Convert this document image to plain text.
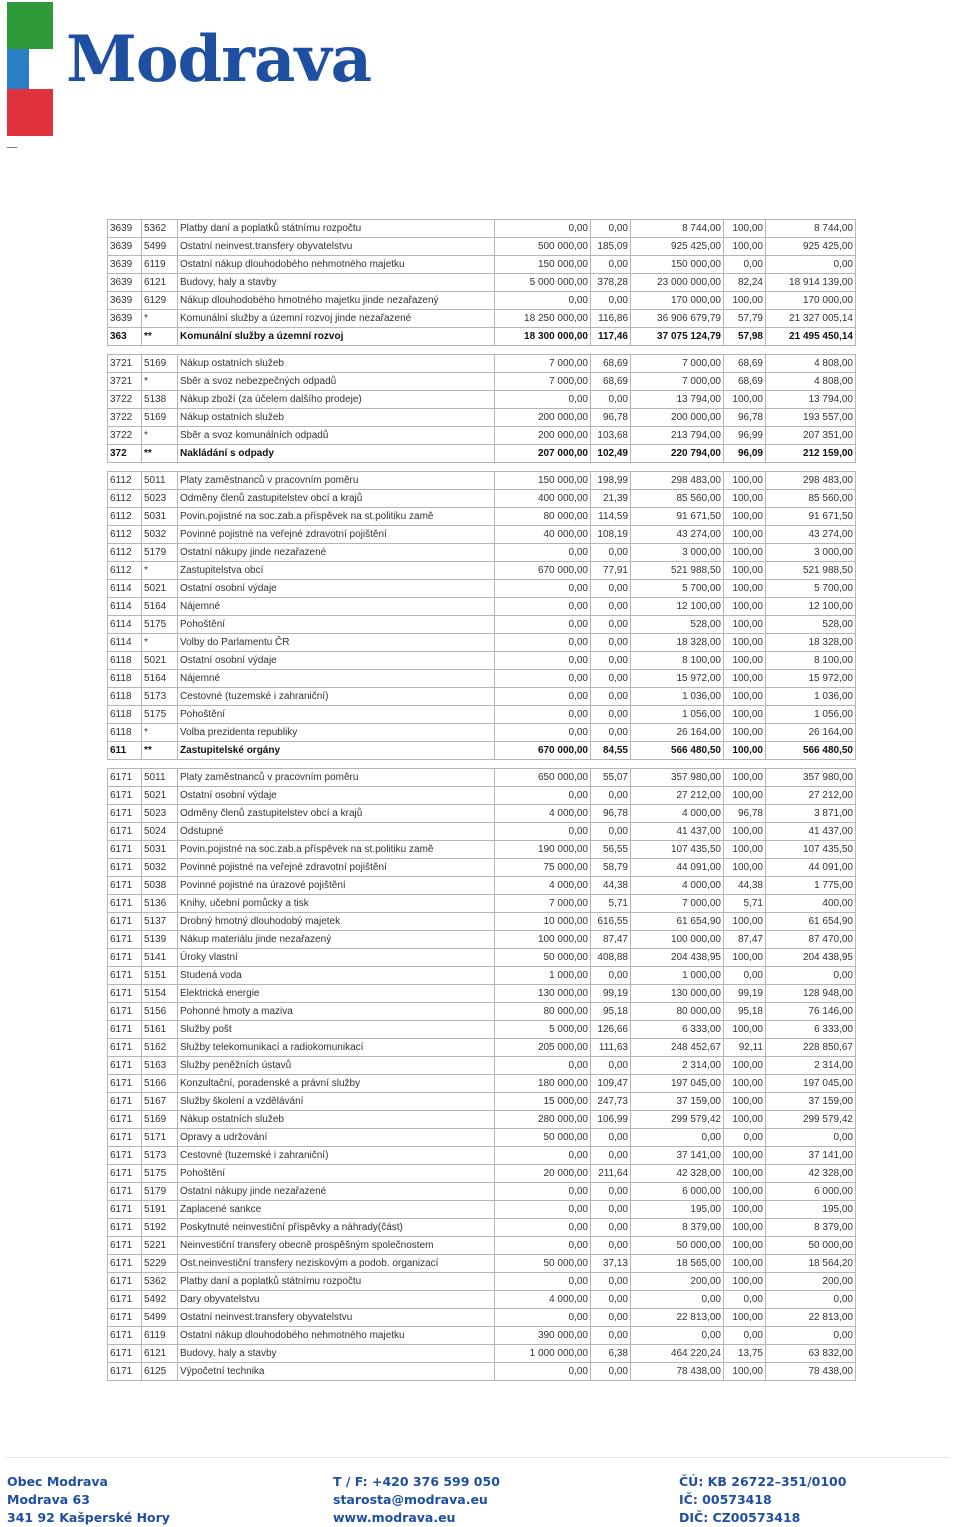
Modrava
3639	5362	Platby daní a poplatků státnímu rozpočtu	0,00	0,00	8 744,00	100,00	8 744,00
3639	5499	Ostatní neinvest.transfery obyvatelstvu	500 000,00	185,09	925 425,00	100,00	925 425,00
3639	6119	Ostatní nákup dlouhodobého nehmotného majetku	150 000,00	0,00	150 000,00	0,00	0,00
3639	6121	Budovy, haly a stavby	5 000 000,00	378,28	23 000 000,00	82,24	18 914 139,00
3639	6129	Nákup dlouhodobého hmotného majetku jinde nezařazený	0,00	0,00	170 000,00	100,00	170 000,00
3639	*	Komunální služby a územní rozvoj jinde nezařazené	18 250 000,00	116,86	36 906 679,79	57,79	21 327 005,14
363	**	Komunální služby a územní rozvoj	18 300 000,00	117,46	37 075 124,79	57,98	21 495 450,14

3721	5169	Nákup ostatních služeb	7 000,00	68,69	7 000,00	68,69	4 808,00
3721	*	Sběr a svoz nebezpečných odpadů	7 000,00	68,69	7 000,00	68,69	4 808,00
3722	5138	Nákup zboží (za účelem dalšího prodeje)	0,00	0,00	13 794,00	100,00	13 794,00
3722	5169	Nákup ostatních služeb	200 000,00	96,78	200 000,00	96,78	193 557,00
3722	*	Sběr a svoz komunálních odpadů	200 000,00	103,68	213 794,00	96,99	207 351,00
372	**	Nakládání s odpady	207 000,00	102,49	220 794,00	96,09	212 159,00

6112	5011	Platy zaměstnanců v pracovním poměru	150 000,00	198,99	298 483,00	100,00	298 483,00
6112	5023	Odměny členů zastupitelstev obcí a krajů	400 000,00	21,39	85 560,00	100,00	85 560,00
6112	5031	Povin.pojistné na soc.zab.a příspěvek na st.politiku zamě	80 000,00	114,59	91 671,50	100,00	91 671,50
6112	5032	Povinné pojistné na veřejné zdravotní pojištění	40 000,00	108,19	43 274,00	100,00	43 274,00
6112	5179	Ostatní nákupy jinde nezařazené	0,00	0,00	3 000,00	100,00	3 000,00
6112	*	Zastupitelstva obcí	670 000,00	77,91	521 988,50	100,00	521 988,50
6114	5021	Ostatní osobní výdaje	0,00	0,00	5 700,00	100,00	5 700,00
6114	5164	Nájemné	0,00	0,00	12 100,00	100,00	12 100,00
6114	5175	Pohoštění	0,00	0,00	528,00	100,00	528,00
6114	*	Volby do Parlamentu ČR	0,00	0,00	18 328,00	100,00	18 328,00
6118	5021	Ostatní osobní výdaje	0,00	0,00	8 100,00	100,00	8 100,00
6118	5164	Nájemné	0,00	0,00	15 972,00	100,00	15 972,00
6118	5173	Cestovné (tuzemské i zahraniční)	0,00	0,00	1 036,00	100,00	1 036,00
6118	5175	Pohoštění	0,00	0,00	1 056,00	100,00	1 056,00
6118	*	Volba prezidenta republiky	0,00	0,00	26 164,00	100,00	26 164,00
611	**	Zastupitelské orgány	670 000,00	84,55	566 480,50	100,00	566 480,50

6171	5011	Platy zaměstnanců v pracovním poměru	650 000,00	55,07	357 980,00	100,00	357 980,00
6171	5021	Ostatní osobní výdaje	0,00	0,00	27 212,00	100,00	27 212,00
6171	5023	Odměny členů zastupitelstev obcí a krajů	4 000,00	96,78	4 000,00	96,78	3 871,00
6171	5024	Odstupné	0,00	0,00	41 437,00	100,00	41 437,00
6171	5031	Povin.pojistné na soc.zab.a příspěvek na st.politiku zamě	190 000,00	56,55	107 435,50	100,00	107 435,50
6171	5032	Povinné pojistné na veřejné zdravotní pojištění	75 000,00	58,79	44 091,00	100,00	44 091,00
6171	5038	Povinné pojistné na úrazové pojištění	4 000,00	44,38	4 000,00	44,38	1 775,00
6171	5136	Knihy, učební pomůcky a tisk	7 000,00	5,71	7 000,00	5,71	400,00
6171	5137	Drobný hmotný dlouhodobý majetek	10 000,00	616,55	61 654,90	100,00	61 654,90
6171	5139	Nákup materiálu jinde nezařazený	100 000,00	87,47	100 000,00	87,47	87 470,00
6171	5141	Úroky vlastní	50 000,00	408,88	204 438,95	100,00	204 438,95
6171	5151	Studená voda	1 000,00	0,00	1 000,00	0,00	0,00
6171	5154	Elektrická energie	130 000,00	99,19	130 000,00	99,19	128 948,00
6171	5156	Pohonné hmoty a maziva	80 000,00	95,18	80 000,00	95,18	76 146,00
6171	5161	Služby pošt	5 000,00	126,66	6 333,00	100,00	6 333,00
6171	5162	Služby telekomunikací a radiokomunikací	205 000,00	111,63	248 452,67	92,11	228 850,67
6171	5163	Služby peněžních ústavů	0,00	0,00	2 314,00	100,00	2 314,00
6171	5166	Konzultační, poradenské a právní služby	180 000,00	109,47	197 045,00	100,00	197 045,00
6171	5167	Služby školení a vzdělávání	15 000,00	247,73	37 159,00	100,00	37 159,00
6171	5169	Nákup ostatních služeb	280 000,00	106,99	299 579,42	100,00	299 579,42
6171	5171	Opravy a udržování	50 000,00	0,00	0,00	0,00	0,00
6171	5173	Cestovné (tuzemské i zahraniční)	0,00	0,00	37 141,00	100,00	37 141,00
6171	5175	Pohoštění	20 000,00	211,64	42 328,00	100,00	42 328,00
6171	5179	Ostatní nákupy jinde nezařazené	0,00	0,00	6 000,00	100,00	6 000,00
6171	5191	Zaplacené sankce	0,00	0,00	195,00	100,00	195,00
6171	5192	Poskytnuté neinvestiční příspěvky a náhrady(část)	0,00	0,00	8 379,00	100,00	8 379,00
6171	5221	Neinvestiční transfery obecně prospěšným společnostem	0,00	0,00	50 000,00	100,00	50 000,00
6171	5229	Ost.neinvestiční transfery neziskovým a podob. organizací	50 000,00	37,13	18 565,00	100,00	18 564,20
6171	5362	Platby daní a poplatků státnímu rozpočtu	0,00	0,00	200,00	100,00	200,00
6171	5492	Dary obyvatelstvu	4 000,00	0,00	0,00	0,00	0,00
6171	5499	Ostatní neinvest.transfery obyvatelstvu	0,00	0,00	22 813,00	100,00	22 813,00
6171	6119	Ostatní nákup dlouhodobého nehmotného majetku	390 000,00	0,00	0,00	0,00	0,00
6171	6121	Budovy, haly a stavby	1 000 000,00	6,38	464 220,24	13,75	63 832,00
6171	6125	Výpočetní technika	0,00	0,00	78 438,00	100,00	78 438,00
Obec Modrava
Modrava 63
341 92 Kašperské Hory
T / F: +420 376 599 050
starosta@modrava.eu
www.modrava.eu
ČÚ: KB 26722–351/0100
IČ: 00573418
DIČ: CZ00573418
